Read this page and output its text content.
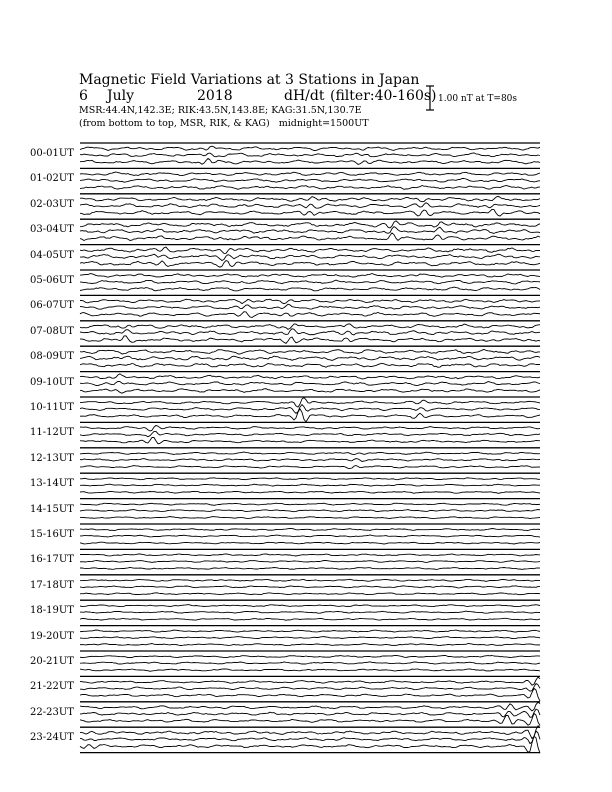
Magnetic Field Variations at 3 Stations in Japan
6 July	2018	dH/dt (filter:40-160s)
MSR:44.4N,142.3E; RIK:43.5N,143.8E; KAG:31.5N,130.7E
(from bottom to top, MSR, RIK, & KAG) midnight=1500UT
1.00 nT at T=80s
00-01UT
01-02UT
02-03UT
03-04UT
04-05UT
05-06UT
06-07UT
07-08UT
08-09UT
09-10UT
10-11UT
11-12UT
12-13UT
13-14UT
14-15UT
15-16UT
16-17UT
17-18UT
18-19UT
19-20UT
20-21UT
21-22UT
22-23UT
23-24UT
